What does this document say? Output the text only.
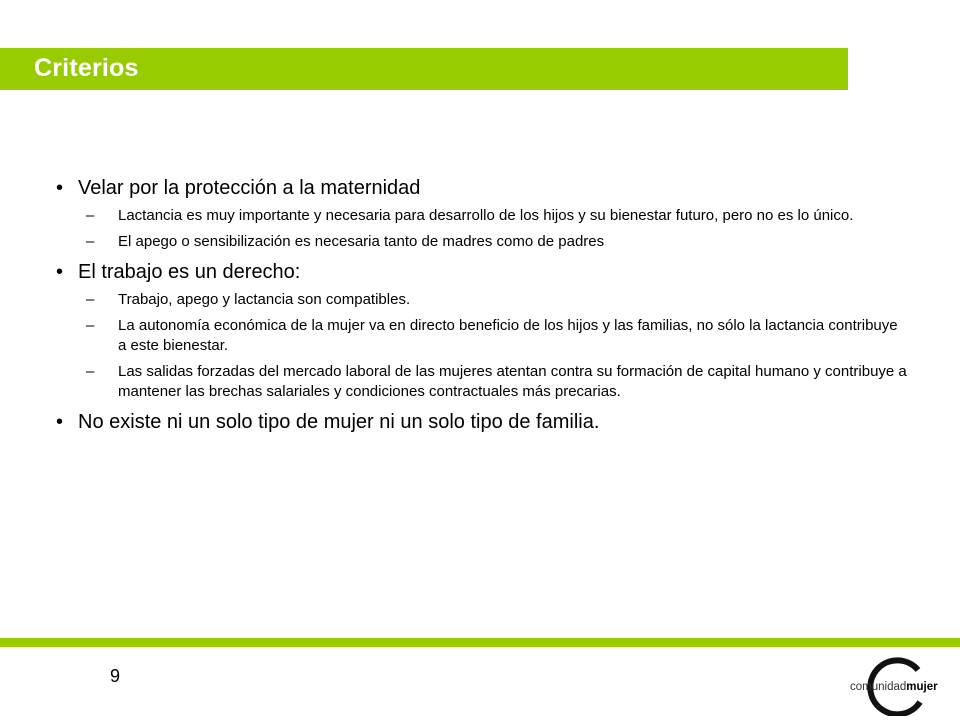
Criterios
• Velar por la protección a la maternidad
– Lactancia es muy importante y necesaria para desarrollo de los hijos y su bienestar futuro, pero no es lo único.
– El apego o sensibilización es necesaria tanto de madres como de padres
• El trabajo es un derecho:
– Trabajo, apego y lactancia son compatibles.
– La autonomía económica de la mujer va en directo beneficio de los hijos y las familias, no sólo la lactancia contribuye a este bienestar.
– Las salidas forzadas del mercado laboral de las mujeres atentan contra su formación de capital humano y contribuye a mantener las brechas salariales y condiciones contractuales más precarias.
• No existe ni un solo tipo de mujer ni un solo tipo de familia.
9
comunidadmujer
